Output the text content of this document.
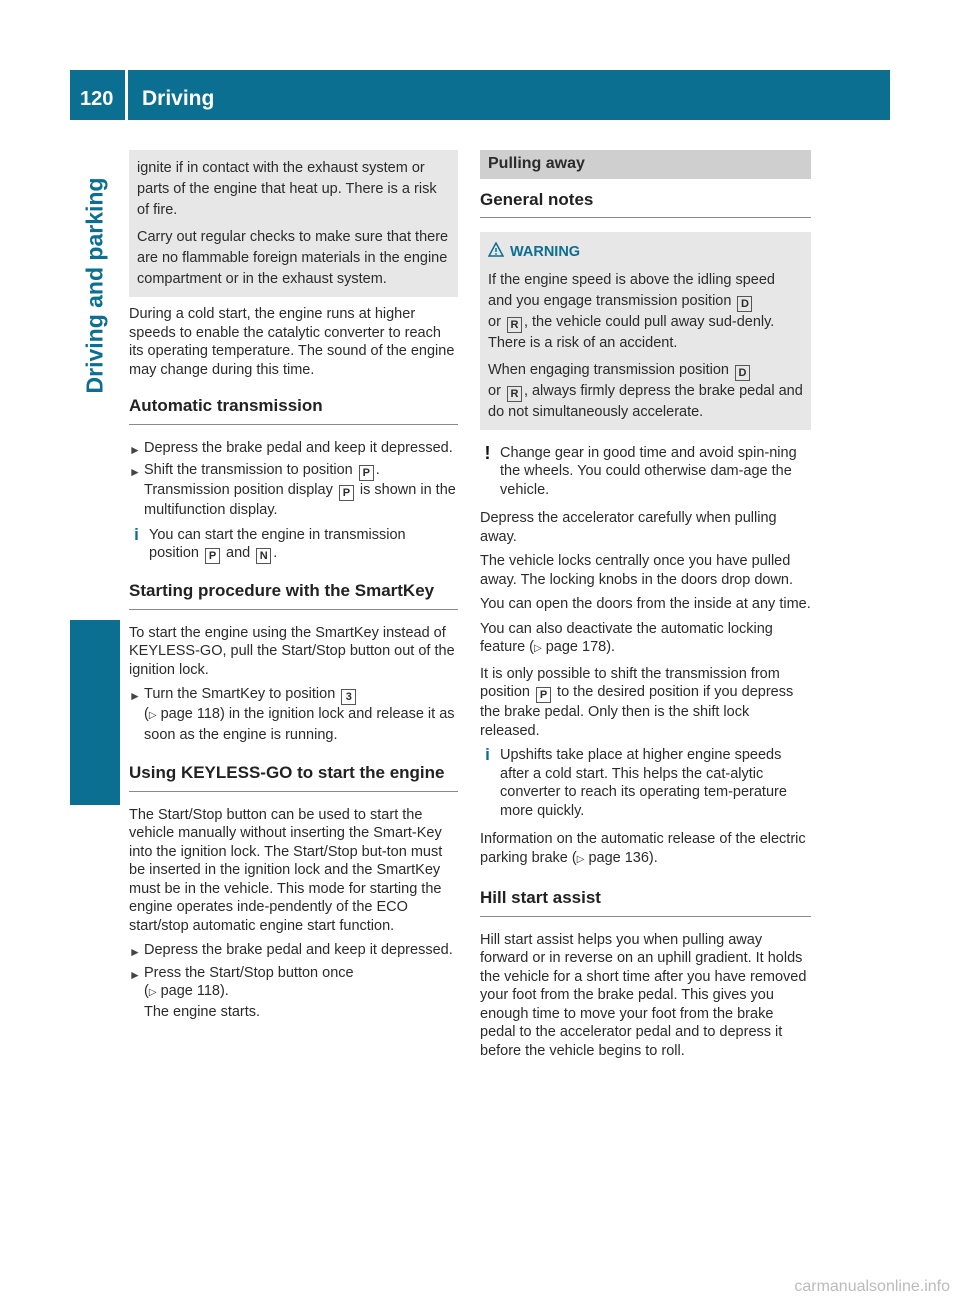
120 Driving
Driving and parking

ignite if in contact with the exhaust system or parts of the engine that heat up. There is a risk of fire.

Carry out regular checks to make sure that there are no flammable foreign materials in the engine compartment or in the exhaust system.

During a cold start, the engine runs at higher speeds to enable the catalytic converter to reach its operating temperature. The sound of the engine may change during this time.

Automatic transmission
► Depress the brake pedal and keep it depressed.
► Shift the transmission to position P .
Transmission position display P is shown in the multifunction display.
i You can start the engine in transmission position P and N .
Starting procedure with the SmartKey

To start the engine using the SmartKey instead of KEYLESS-GO, pull the Start/Stop button out of the ignition lock.

► Turn the SmartKey to position 3
(▷ page 118) in the ignition lock and release it as soon as the engine is running.
Using KEYLESS-GO to start the engine

The Start/Stop button can be used to start the vehicle manually without inserting the Smart-Key into the ignition lock. The Start/Stop but-ton must be inserted in the ignition lock and the SmartKey must be in the vehicle. This mode for starting the engine operates inde-pendently of the ECO start/stop automatic engine start function.

► Depress the brake pedal and keep it depressed.
► Press the Start/Stop button once
(▷ page 118).
The engine starts.
Pulling away
General notes
WARNING

If the engine speed is above the idling speed and you engage transmission position D
or R , the vehicle could pull away sud-denly. There is a risk of an accident.

When engaging transmission position D
or R , always firmly depress the brake pedal and do not simultaneously accelerate.

! Change gear in good time and avoid spin-ning the wheels. You could otherwise dam-age the vehicle.

Depress the accelerator carefully when pulling away.

The vehicle locks centrally once you have pulled away. The locking knobs in the doors drop down.

You can open the doors from the inside at any time.

You can also deactivate the automatic locking feature (▷ page 178).

It is only possible to shift the transmission from position P to the desired position if you depress the brake pedal. Only then is the shift lock released.

i Upshifts take place at higher engine speeds after a cold start. This helps the cat-alytic converter to reach its operating tem-perature more quickly.

Information on the automatic release of the electric parking brake (▷ page 136).

Hill start assist

Hill start assist helps you when pulling away forward or in reverse on an uphill gradient. It holds the vehicle for a short time after you have removed your foot from the brake pedal. This gives you enough time to move your foot from the brake pedal to the accelerator pedal and to depress it before the vehicle begins to roll.

carmanualsonline.info
